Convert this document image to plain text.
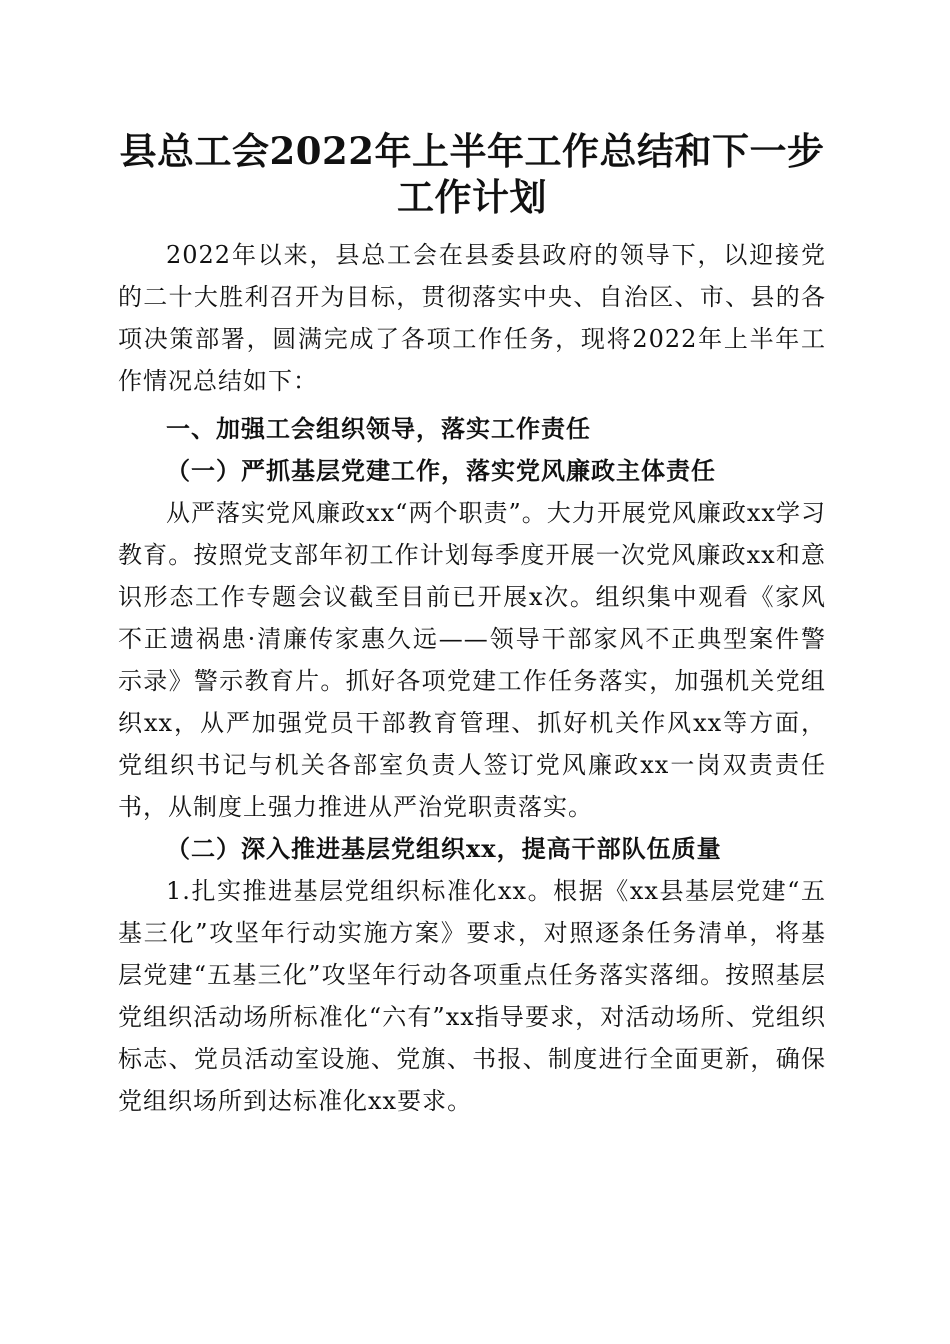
县总工会2022年上半年工作总结和下一步工作计划

2022年以来，县总工会在县委县政府的领导下，以迎接党的二十大胜利召开为目标，贯彻落实中央、自治区、市、县的各项决策部署，圆满完成了各项工作任务，现将2022年上半年工作情况总结如下：

一、加强工会组织领导，落实工作责任

（一）严抓基层党建工作，落实党风廉政主体责任

从严落实党风廉政xx“两个职责”。大力开展党风廉政xx学习教育。按照党支部年初工作计划每季度开展一次党风廉政xx和意识形态工作专题会议截至目前已开展x次。组织集中观看《家风不正遗祸患·清廉传家惠久远——领导干部家风不正典型案件警示录》警示教育片。抓好各项党建工作任务落实，加强机关党组织xx，从严加强党员干部教育管理、抓好机关作风xx等方面，党组织书记与机关各部室负责人签订党风廉政xx一岗双责责任书，从制度上强力推进从严治党职责落实。

（二）深入推进基层党组织xx，提高干部队伍质量

1.扎实推进基层党组织标准化xx。根据《xx县基层党建“五基三化”攻坚年行动实施方案》要求，对照逐条任务清单，将基层党建“五基三化”攻坚年行动各项重点任务落实落细。按照基层党组织活动场所标准化“六有”xx指导要求，对活动场所、党组织标志、党员活动室设施、党旗、书报、制度进行全面更新，确保党组织场所到达标准化xx要求。
